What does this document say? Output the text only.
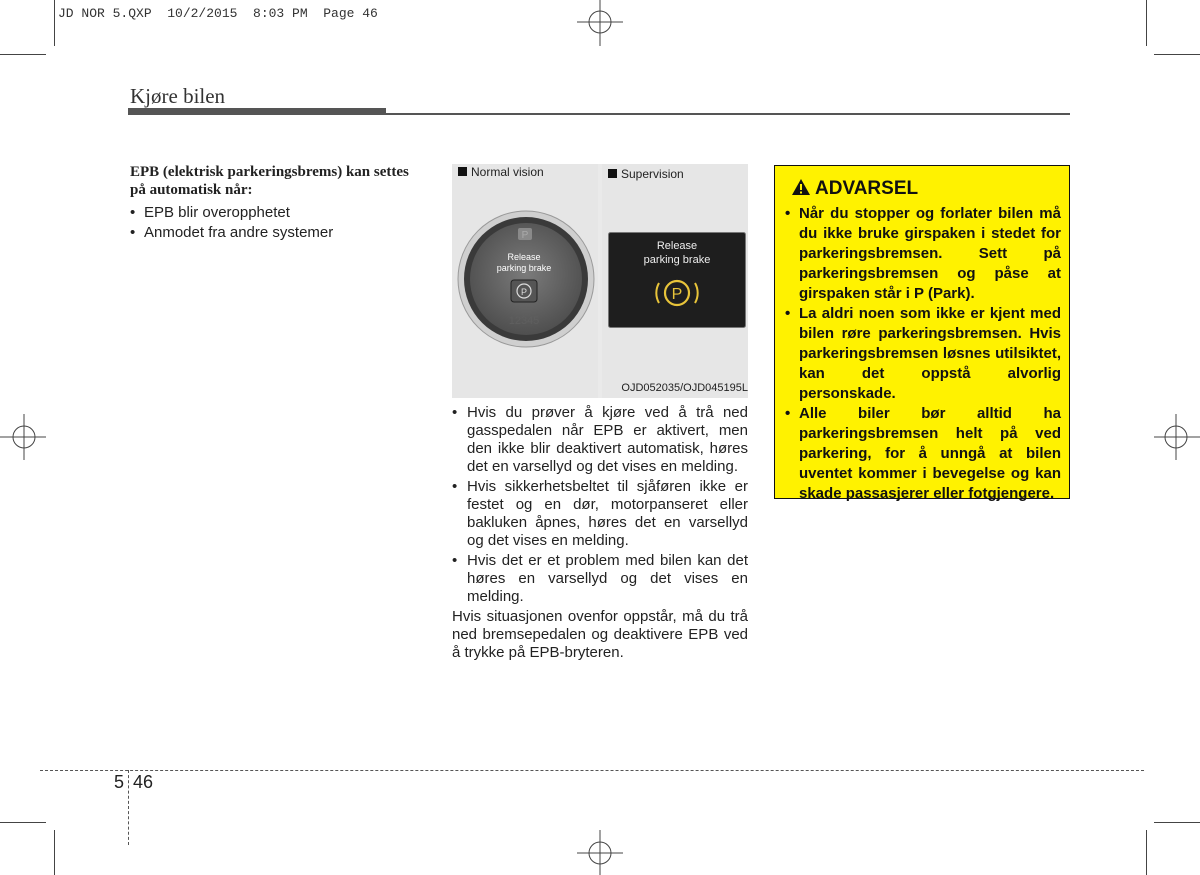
JD NOR 5.QXP  10/2/2015  8:03 PM  Page 46
Kjøre bilen
EPB (elektrisk parkeringsbrems) kan settes på automatisk når:
• EPB blir overopphetet
• Anmodet fra andre systemer
Normal vision
P
Release
parking brake
P
12345
Supervision
Release
parking brake
P
OJD052035/OJD045195L
• Hvis du prøver å kjøre ved å trå ned gasspedalen når EPB er aktivert, men den ikke blir deaktivert automatisk, høres det en varsellyd og det vises en melding.
• Hvis sikkerhetsbeltet til sjåføren ikke er festet og en dør, motorpanseret eller bakluken åpnes, høres det en varsellyd og det vises en melding.
• Hvis det er et problem med bilen kan det høres en varsellyd og det vises en melding.

Hvis situasjonen ovenfor oppstår, må du trå ned bremsepedalen og deaktivere EPB ved å trykke på EPB-bryteren.

ADVARSEL
• Når du stopper og forlater bilen må du ikke bruke girspaken i stedet for parkeringsbremsen. Sett på parkeringsbremsen og påse at girspaken står i P (Park).
• La aldri noen som ikke er kjent med bilen røre parkeringsbremsen. Hvis parkeringsbremsen løsnes utilsiktet, kan det oppstå alvorlig personskade.
• Alle biler bør alltid ha parkeringsbremsen helt på ved parkering, for å unngå at bilen uventet kommer i bevegelse og kan skade passasjerer eller fotgjengere.
5 46
